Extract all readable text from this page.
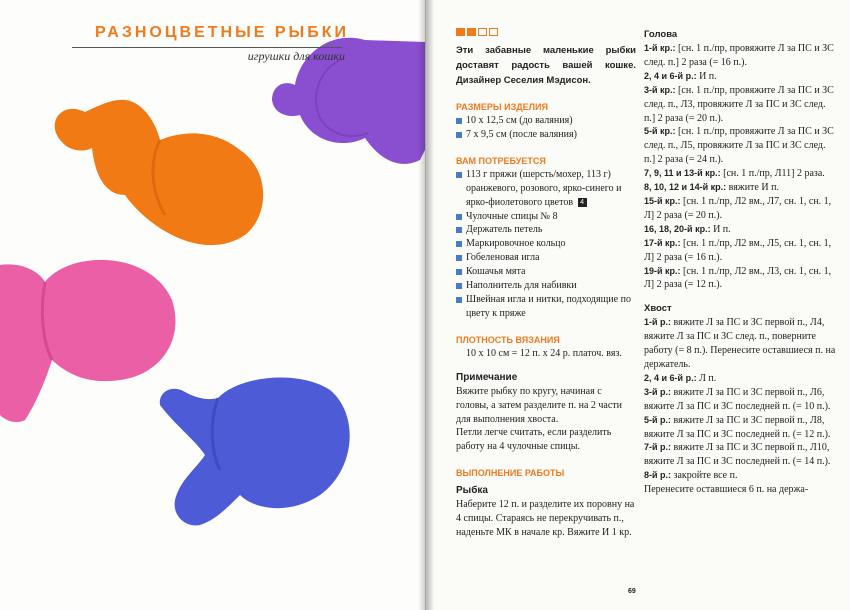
РАЗНОЦВЕТНЫЕ РЫБКИ
игрушки для кошки	Эти забавные маленькие рыбки доставят радость вашей кошке. Дизайнер Сеселия Мэдисон.
РАЗМЕРЫ ИЗДЕЛИЯ
10 x 12,5 см (до валяния)
7 x 9,5 см (после валяния)
ВАМ ПОТРЕБУЕТСЯ
113 г пряжи (шерсть/мохер, 113 г) оранжевого, розового, ярко-синего и ярко-фиолетового цветов 4
Чулочные спицы № 8
Держатель петель
Маркировочное кольцо
Гобеленовая игла
Кошачья мята
Наполнитель для набивки
Швейная игла и нитки, подходящие по цвету к пряже
ПЛОТНОСТЬ ВЯЗАНИЯ
10 x 10 см = 12 п. x 24 р. платоч. вяз.
Примечание
Вяжите рыбку по кругу, начиная с головы, а затем разделите п. на 2 части для выполнения хвоста.
Петли легче считать, если разделить работу на 4 чулочные спицы.
ВЫПОЛНЕНИЕ РАБОТЫ
Рыбка
Наберите 12 п. и разделите их поровну на 4 спицы. Стараясь не перекручивать п., наденьте МК в начале кр. Вяжите И 1 кр.
Голова
1-й кр.: [сн. 1 п./пр, провяжите Л за ПС и ЗС след. п.] 2 раза (= 16 п.).
2, 4 и 6-й р.: И п.
3-й кр.: [сн. 1 п./пр, провяжите Л за ПС и ЗС след. п., Л3, провяжите Л за ПС и ЗС след. п.] 2 раза (= 20 п.).
5-й кр.: [сн. 1 п./пр, провяжите Л за ПС и ЗС след. п., Л5, провяжите Л за ПС и ЗС след. п.] 2 раза (= 24 п.).
7, 9, 11 и 13-й кр.: [сн. 1 п./пр, Л11] 2 раза.
8, 10, 12 и 14-й кр.: вяжите И п.
15-й кр.: [сн. 1 п./пр, Л2 вм., Л7, сн. 1, сн. 1, Л] 2 раза (= 20 п.).
16, 18, 20-й кр.: И п.
17-й кр.: [сн. 1 п./пр, Л2 вм., Л5, сн. 1, сн. 1, Л] 2 раза (= 16 п.).
19-й кр.: [сн. 1 п./пр, Л2 вм., Л3, сн. 1, сн. 1, Л] 2 раза (= 12 п.).
Хвост
1-й р.: вяжите Л за ПС и ЗС первой п., Л4, вяжите Л за ПС и ЗС след. п., поверните работу (= 8 п.). Перенесите оставшиеся п. на держатель.
2, 4 и 6-й р.: Л п.
3-й р.: вяжите Л за ПС и ЗС первой п., Л6, вяжите Л за ПС и ЗС последней п. (= 10 п.).
5-й р.: вяжите Л за ПС и ЗС первой п., Л8, вяжите Л за ПС и ЗС последней п. (= 12 п.).
7-й р.: вяжите Л за ПС и ЗС первой п., Л10, вяжите Л за ПС и ЗС последней п. (= 14 п.).
8-й р.: закройте все п.
Перенесите оставшиеся 6 п. на держа-
69
